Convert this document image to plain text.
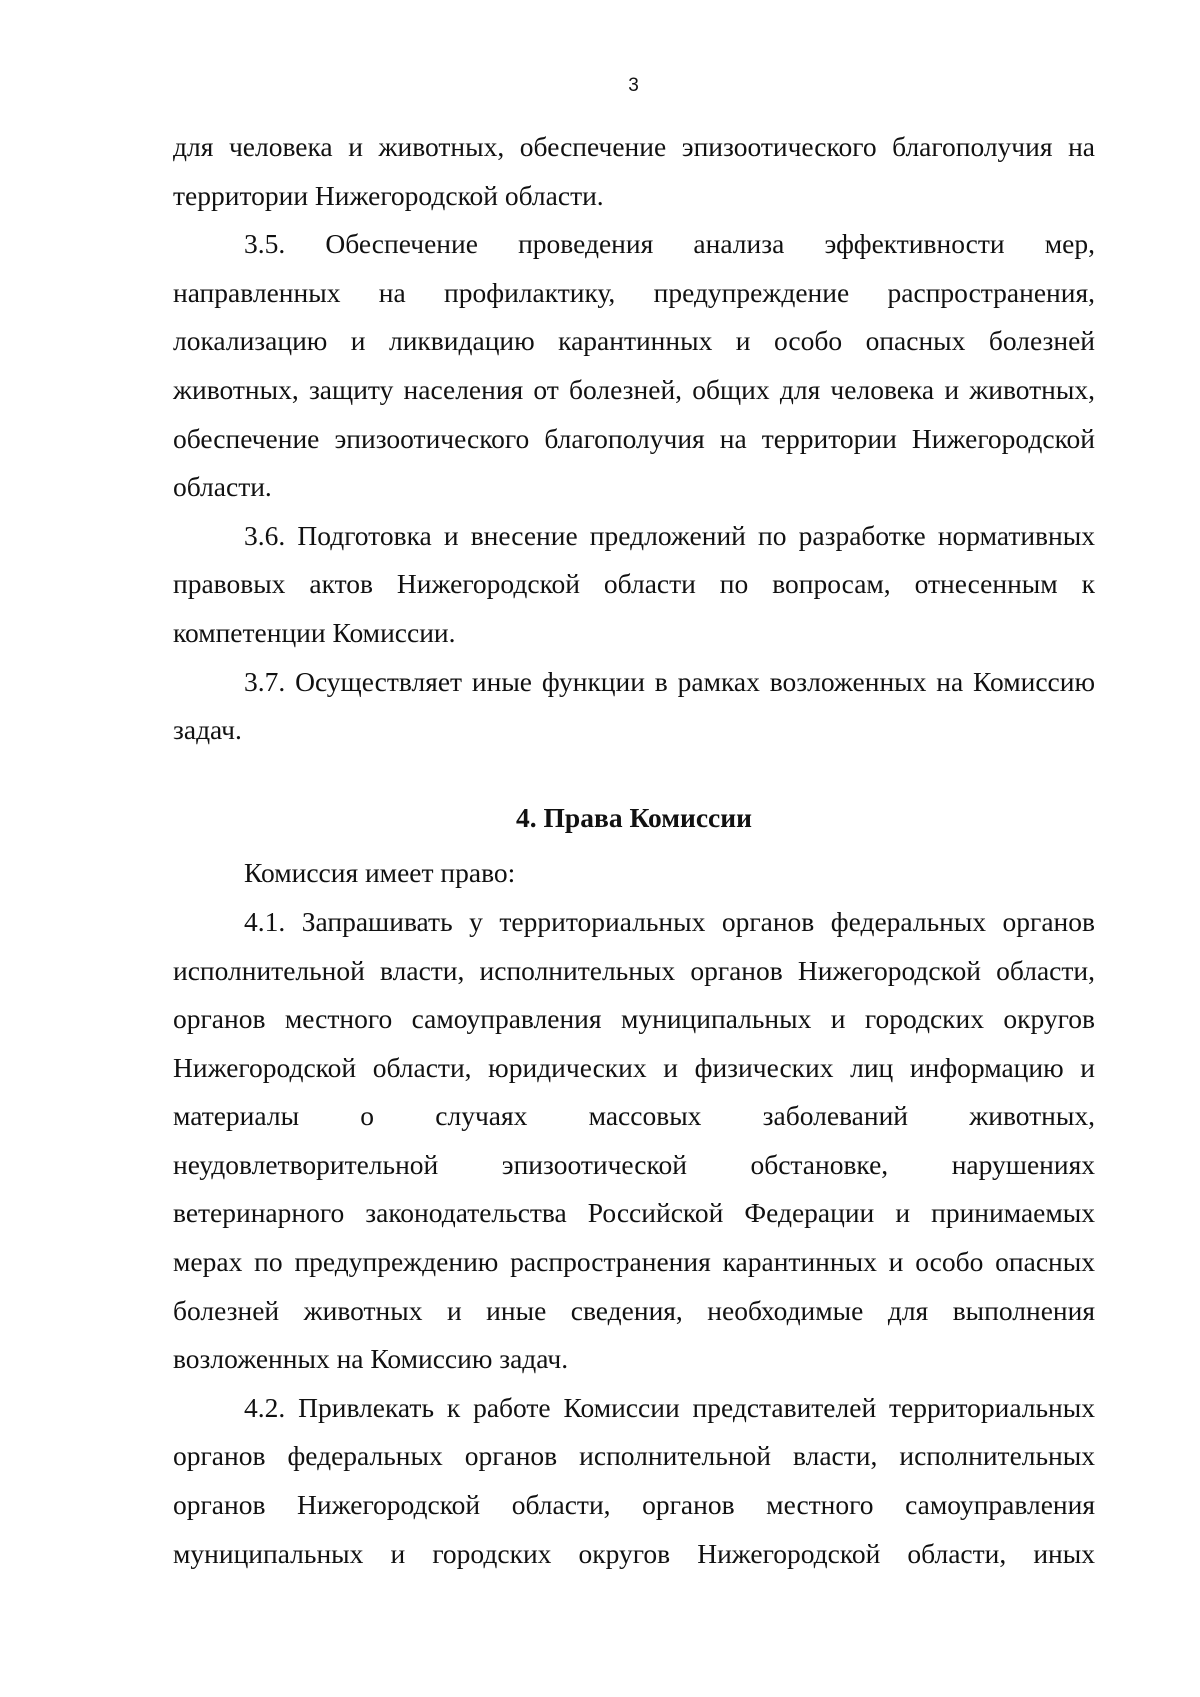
3

для человека и животных, обеспечение эпизоотического благополучия на территории Нижегородской области.

3.5. Обеспечение проведения анализа эффективности мер, направленных на профилактику, предупреждение распространения, локализацию и ликвидацию карантинных и особо опасных болезней животных, защиту населения от болезней, общих для человека и животных, обеспечение эпизоотического благополучия на территории Нижегородской области.

3.6. Подготовка и внесение предложений по разработке нормативных правовых актов Нижегородской области по вопросам, отнесенным к компетенции Комиссии.

3.7. Осуществляет иные функции в рамках возложенных на Комиссию задач.

4. Права Комиссии

Комиссия имеет право:

4.1. Запрашивать у территориальных органов федеральных органов исполнительной власти, исполнительных органов Нижегородской области, органов местного самоуправления муниципальных и городских округов Нижегородской области, юридических и физических лиц информацию и материалы о случаях массовых заболеваний животных, неудовлетворительной эпизоотической обстановке, нарушениях ветеринарного законодательства Российской Федерации и принимаемых мерах по предупреждению распространения карантинных и особо опасных болезней животных и иные сведения, необходимые для выполнения возложенных на Комиссию задач.

4.2. Привлекать к работе Комиссии представителей территориальных органов федеральных органов исполнительной власти, исполнительных органов Нижегородской области, органов местного самоуправления муниципальных и городских округов Нижегородской области, иных
